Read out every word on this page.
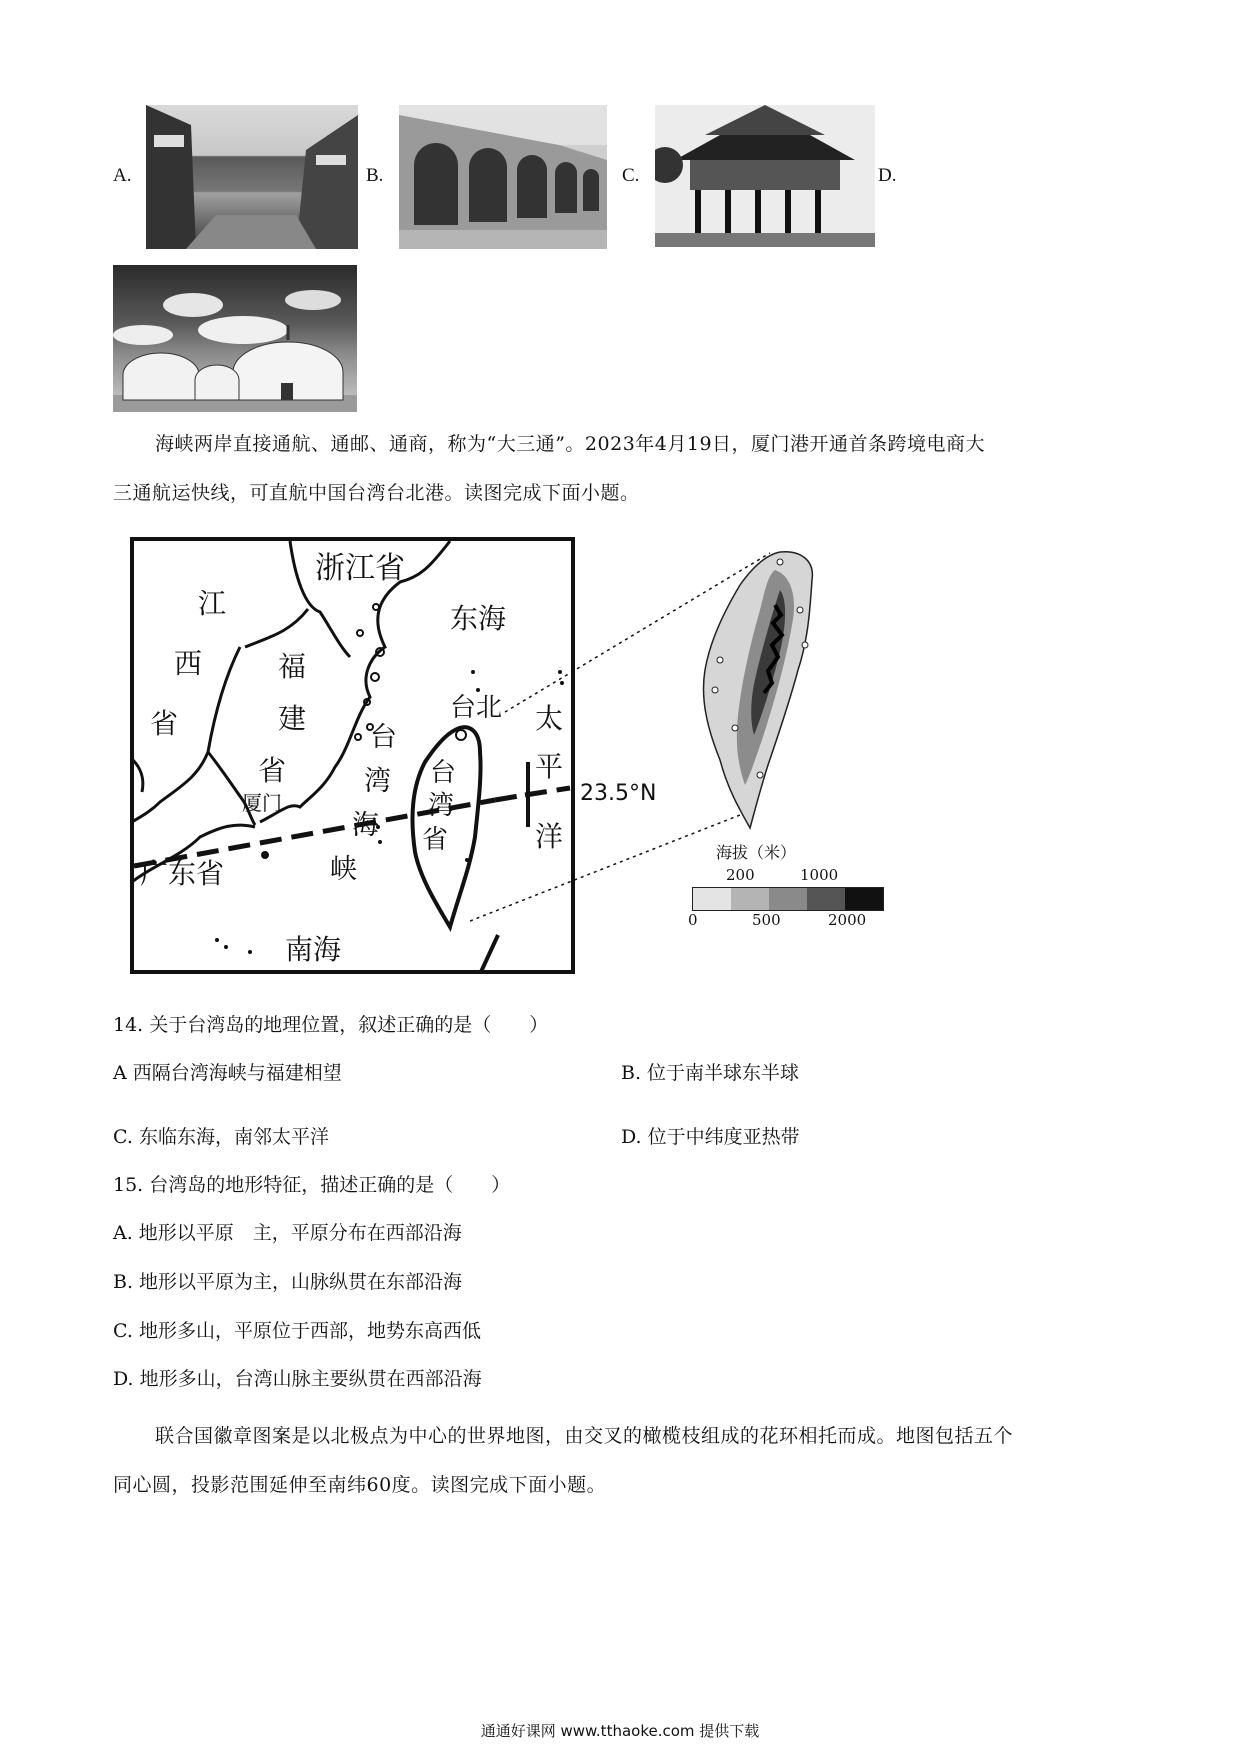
A.	B.	C.	D.
海峡两岸直接通航、通邮、通商，称为“大三通”。2023年4月19日，厦门港开通首条跨境电商大
三通航运快线，可直航中国台湾台北港。读图完成下面小题。
浙江省
东海
江
西
省
福
建
省
厦门
台
湾
海
峡
台
湾
省
台北 太
平
洋
广东省
南海
23.5°N
海拔（米）
200	1000
0	500	2000
14. 关于台湾岛的地理位置，叙述正确的是（　　）
A 西隔台湾海峡与福建相望	B. 位于南半球东半球
C. 东临东海，南邻太平洋	D. 位于中纬度亚热带
15. 台湾岛的地形特征，描述正确的是（　　）
A. 地形以平原　主，平原分布在西部沿海
B. 地形以平原为主，山脉纵贯在东部沿海
C. 地形多山，平原位于西部，地势东高西低
D. 地形多山，台湾山脉主要纵贯在西部沿海
联合国徽章图案是以北极点为中心的世界地图，由交叉的橄榄枝组成的花环相托而成。地图包括五个
同心圆，投影范围延伸至南纬60度。读图完成下面小题。
通通好课网 www.tthaoke.com 提供下载
